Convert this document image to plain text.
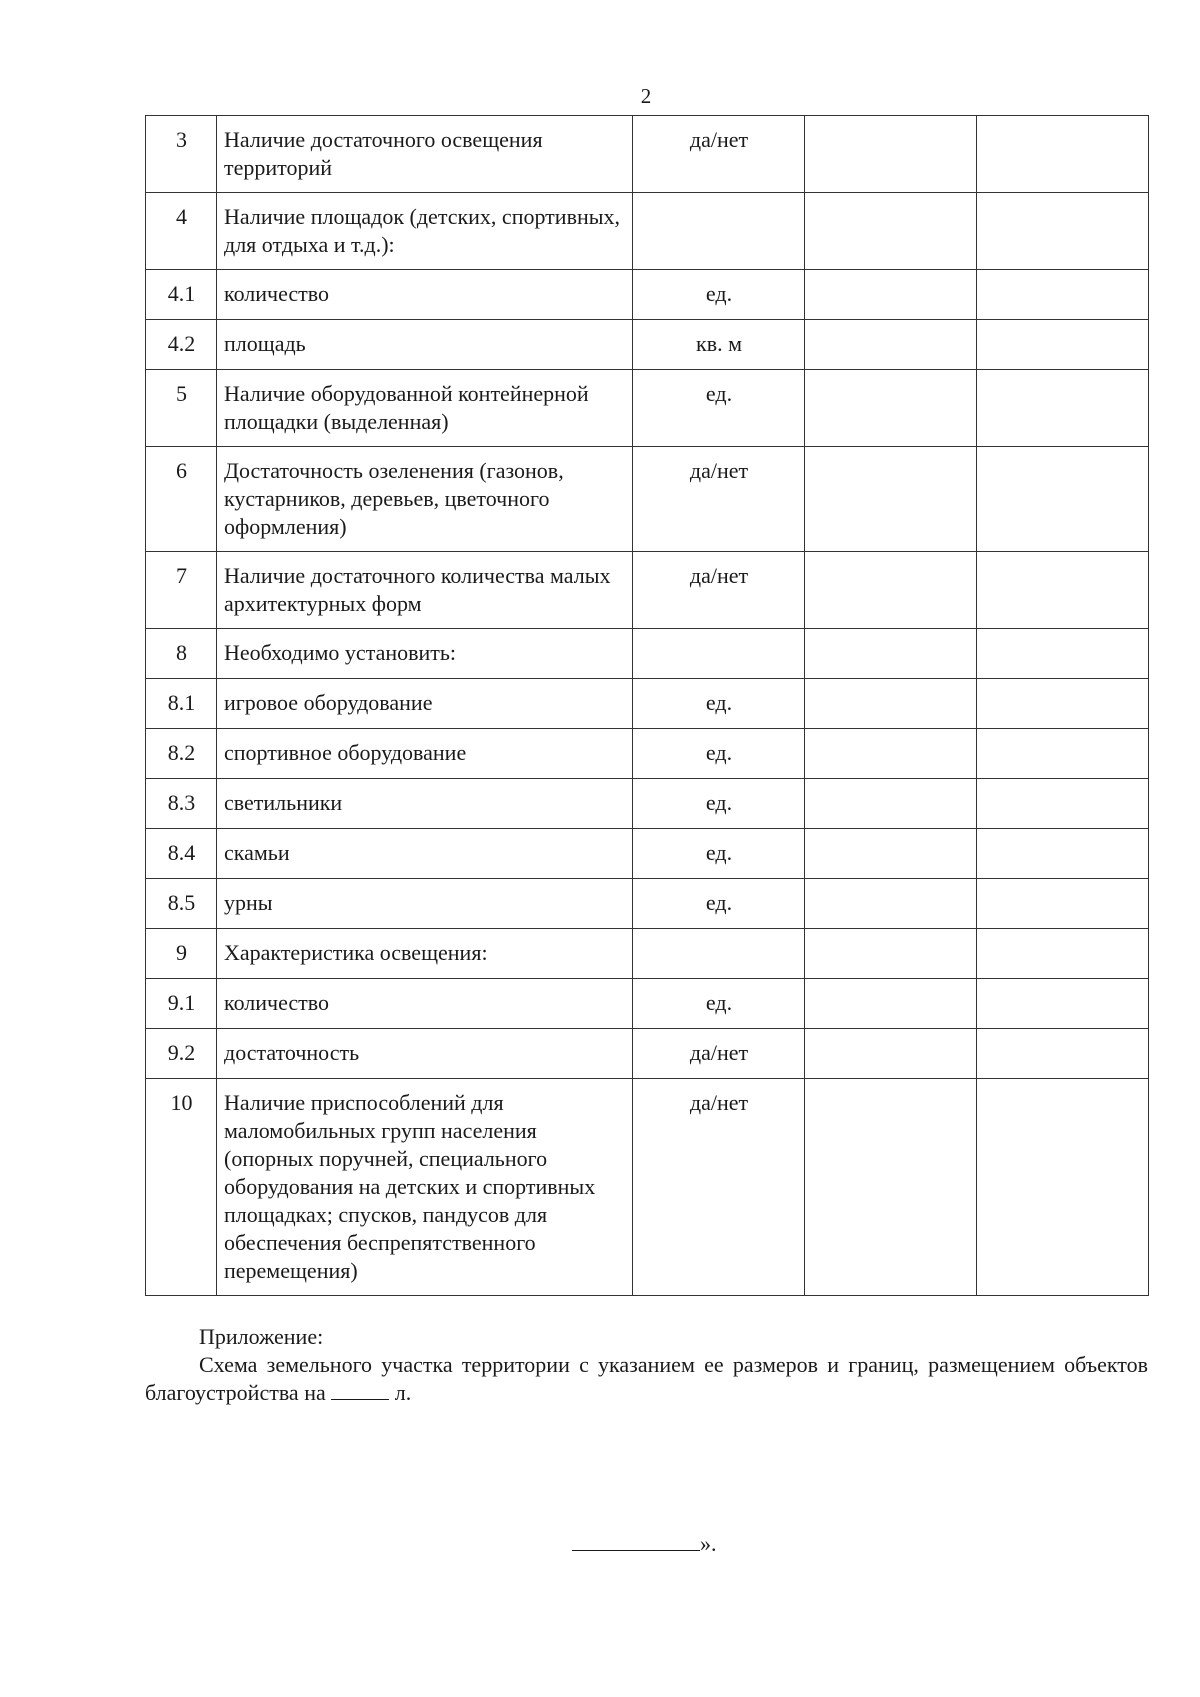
2
3	Наличие достаточного освещения территорий	да/нет		
4	Наличие площадок (детских, спортивных, для отдыха и т.д.):			
4.1	количество	ед.		
4.2	площадь	кв. м		
5	Наличие оборудованной контейнерной площадки (выделенная)	ед.		
6	Достаточность озеленения (газонов, кустарников, деревьев, цветочного оформления)	да/нет		
7	Наличие достаточного количества малых архитектурных форм	да/нет		
8	Необходимо установить:			
8.1	игровое оборудование	ед.		
8.2	спортивное оборудование	ед.		
8.3	светильники	ед.		
8.4	скамьи	ед.		
8.5	урны	ед.		
9	Характеристика освещения:			
9.1	количество	ед.		
9.2	достаточность	да/нет		
10	Наличие приспособлений для маломобильных групп населения (опорных поручней, специального оборудования на детских и спортивных площадках; спусков, пандусов для обеспечения беспрепятственного перемещения)	да/нет		
Приложение:
Схема земельного участка территории с указанием ее размеров и границ, размещением объектов благоустройства на	л.
».
